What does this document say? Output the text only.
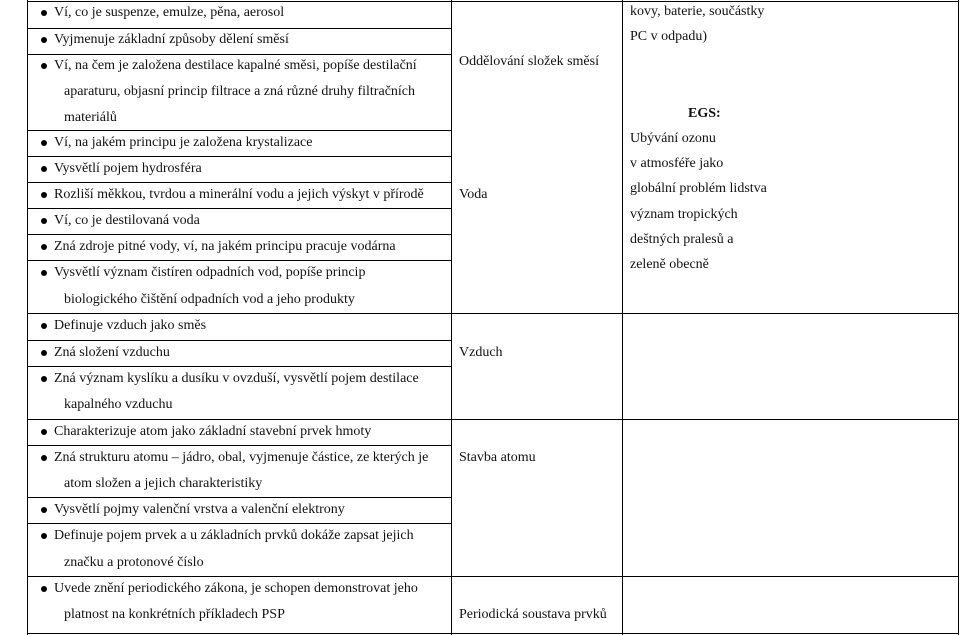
Ví, co je suspenze, emulze, pěna, aerosol
Vyjmenuje základní způsoby dělení směsí
Ví, na čem je založena destilace kapalné směsi, popíše destilační
aparaturu, objasní princip filtrace a zná různé druhy filtračních
materiálů
Ví, na jakém principu je založena krystalizace
Vysvětlí pojem hydrosféra
Rozliší měkkou, tvrdou a minerální vodu a jejich výskyt v přírodě
Ví, co je destilovaná voda
Zná zdroje pitné vody, ví, na jakém principu pracuje vodárna
Vysvětlí význam čistíren odpadních vod, popíše princip
biologického čištění odpadních vod a jeho produkty
Definuje vzduch jako směs
Zná složení vzduchu
Zná význam kyslíku a dusíku v ovzduší, vysvětlí pojem destilace
kapalného vzduchu
Charakterizuje atom jako základní stavební prvek hmoty
Zná strukturu atomu – jádro, obal, vyjmenuje částice, ze kterých je
atom složen a jejich charakteristiky
Vysvětlí pojmy valenční vrstva a valenční elektrony
Definuje pojem prvek a u základních prvků dokáže zapsat jejich
značku a protonové číslo
Uvede znění periodického zákona, je schopen demonstrovat jeho
platnost na konkrétních příkladech PSP
Oddělování složek směsí
Voda
Vzduch
Stavba atomu
Periodická soustava prvků
kovy, baterie, součástky
PC v odpadu)
EGS:
Ubývání ozonu
v atmosféře jako
globální problém lidstva
význam tropických
deštných pralesů a
zeleně obecně
